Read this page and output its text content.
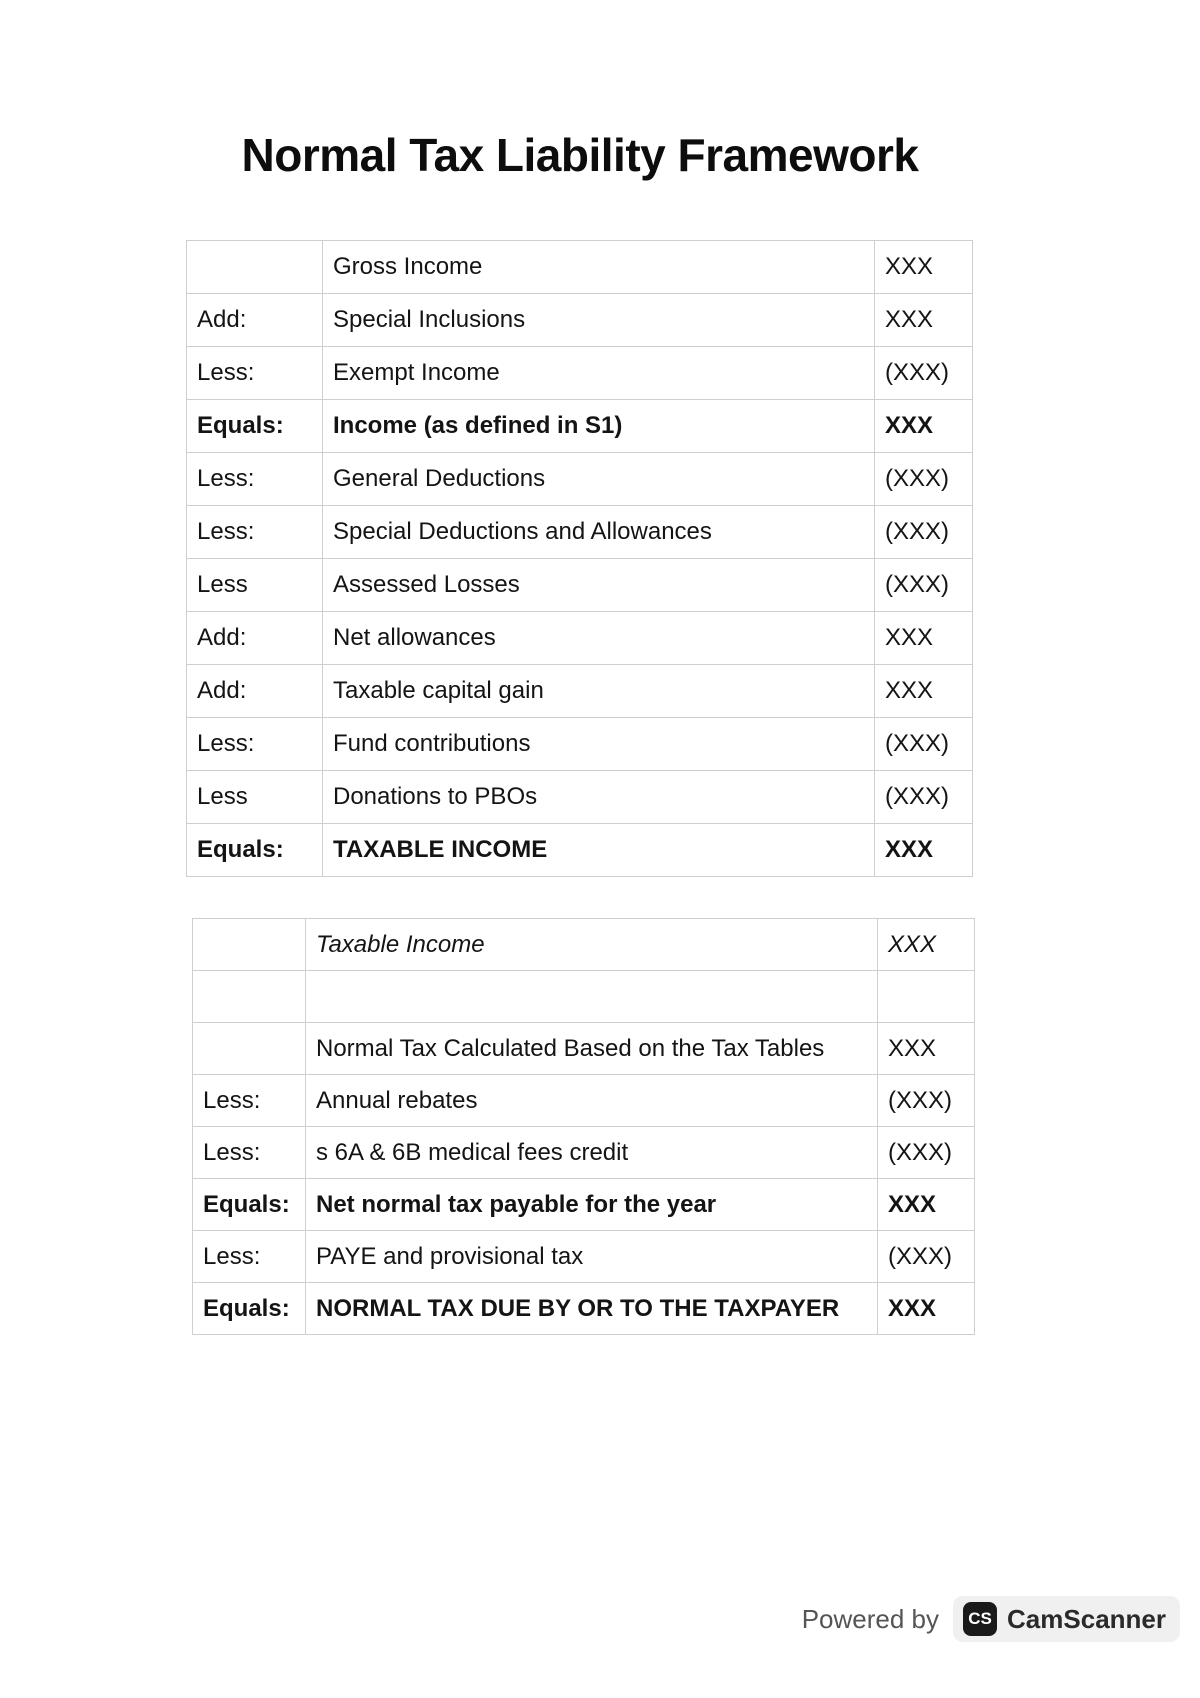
Normal Tax Liability Framework
	Gross Income	XXX
Add:	Special Inclusions	XXX
Less:	Exempt Income	(XXX)
Equals:	Income (as defined in S1)	XXX
Less:	General Deductions	(XXX)
Less:	Special Deductions and Allowances	(XXX)
Less	Assessed Losses	(XXX)
Add:	Net allowances	XXX
Add:	Taxable capital gain	XXX
Less:	Fund contributions	(XXX)
Less	Donations to PBOs	(XXX)
Equals:	TAXABLE INCOME	XXX
	Taxable Income	XXX

	Normal Tax Calculated Based on the Tax Tables	XXX
Less:	Annual rebates	(XXX)
Less:	s 6A & 6B medical fees credit	(XXX)
Equals:	Net normal tax payable for the year	XXX
Less:	PAYE and provisional tax	(XXX)
Equals:	NORMAL TAX DUE BY OR TO THE TAXPAYER	XXX
Powered by	CS CamScanner
